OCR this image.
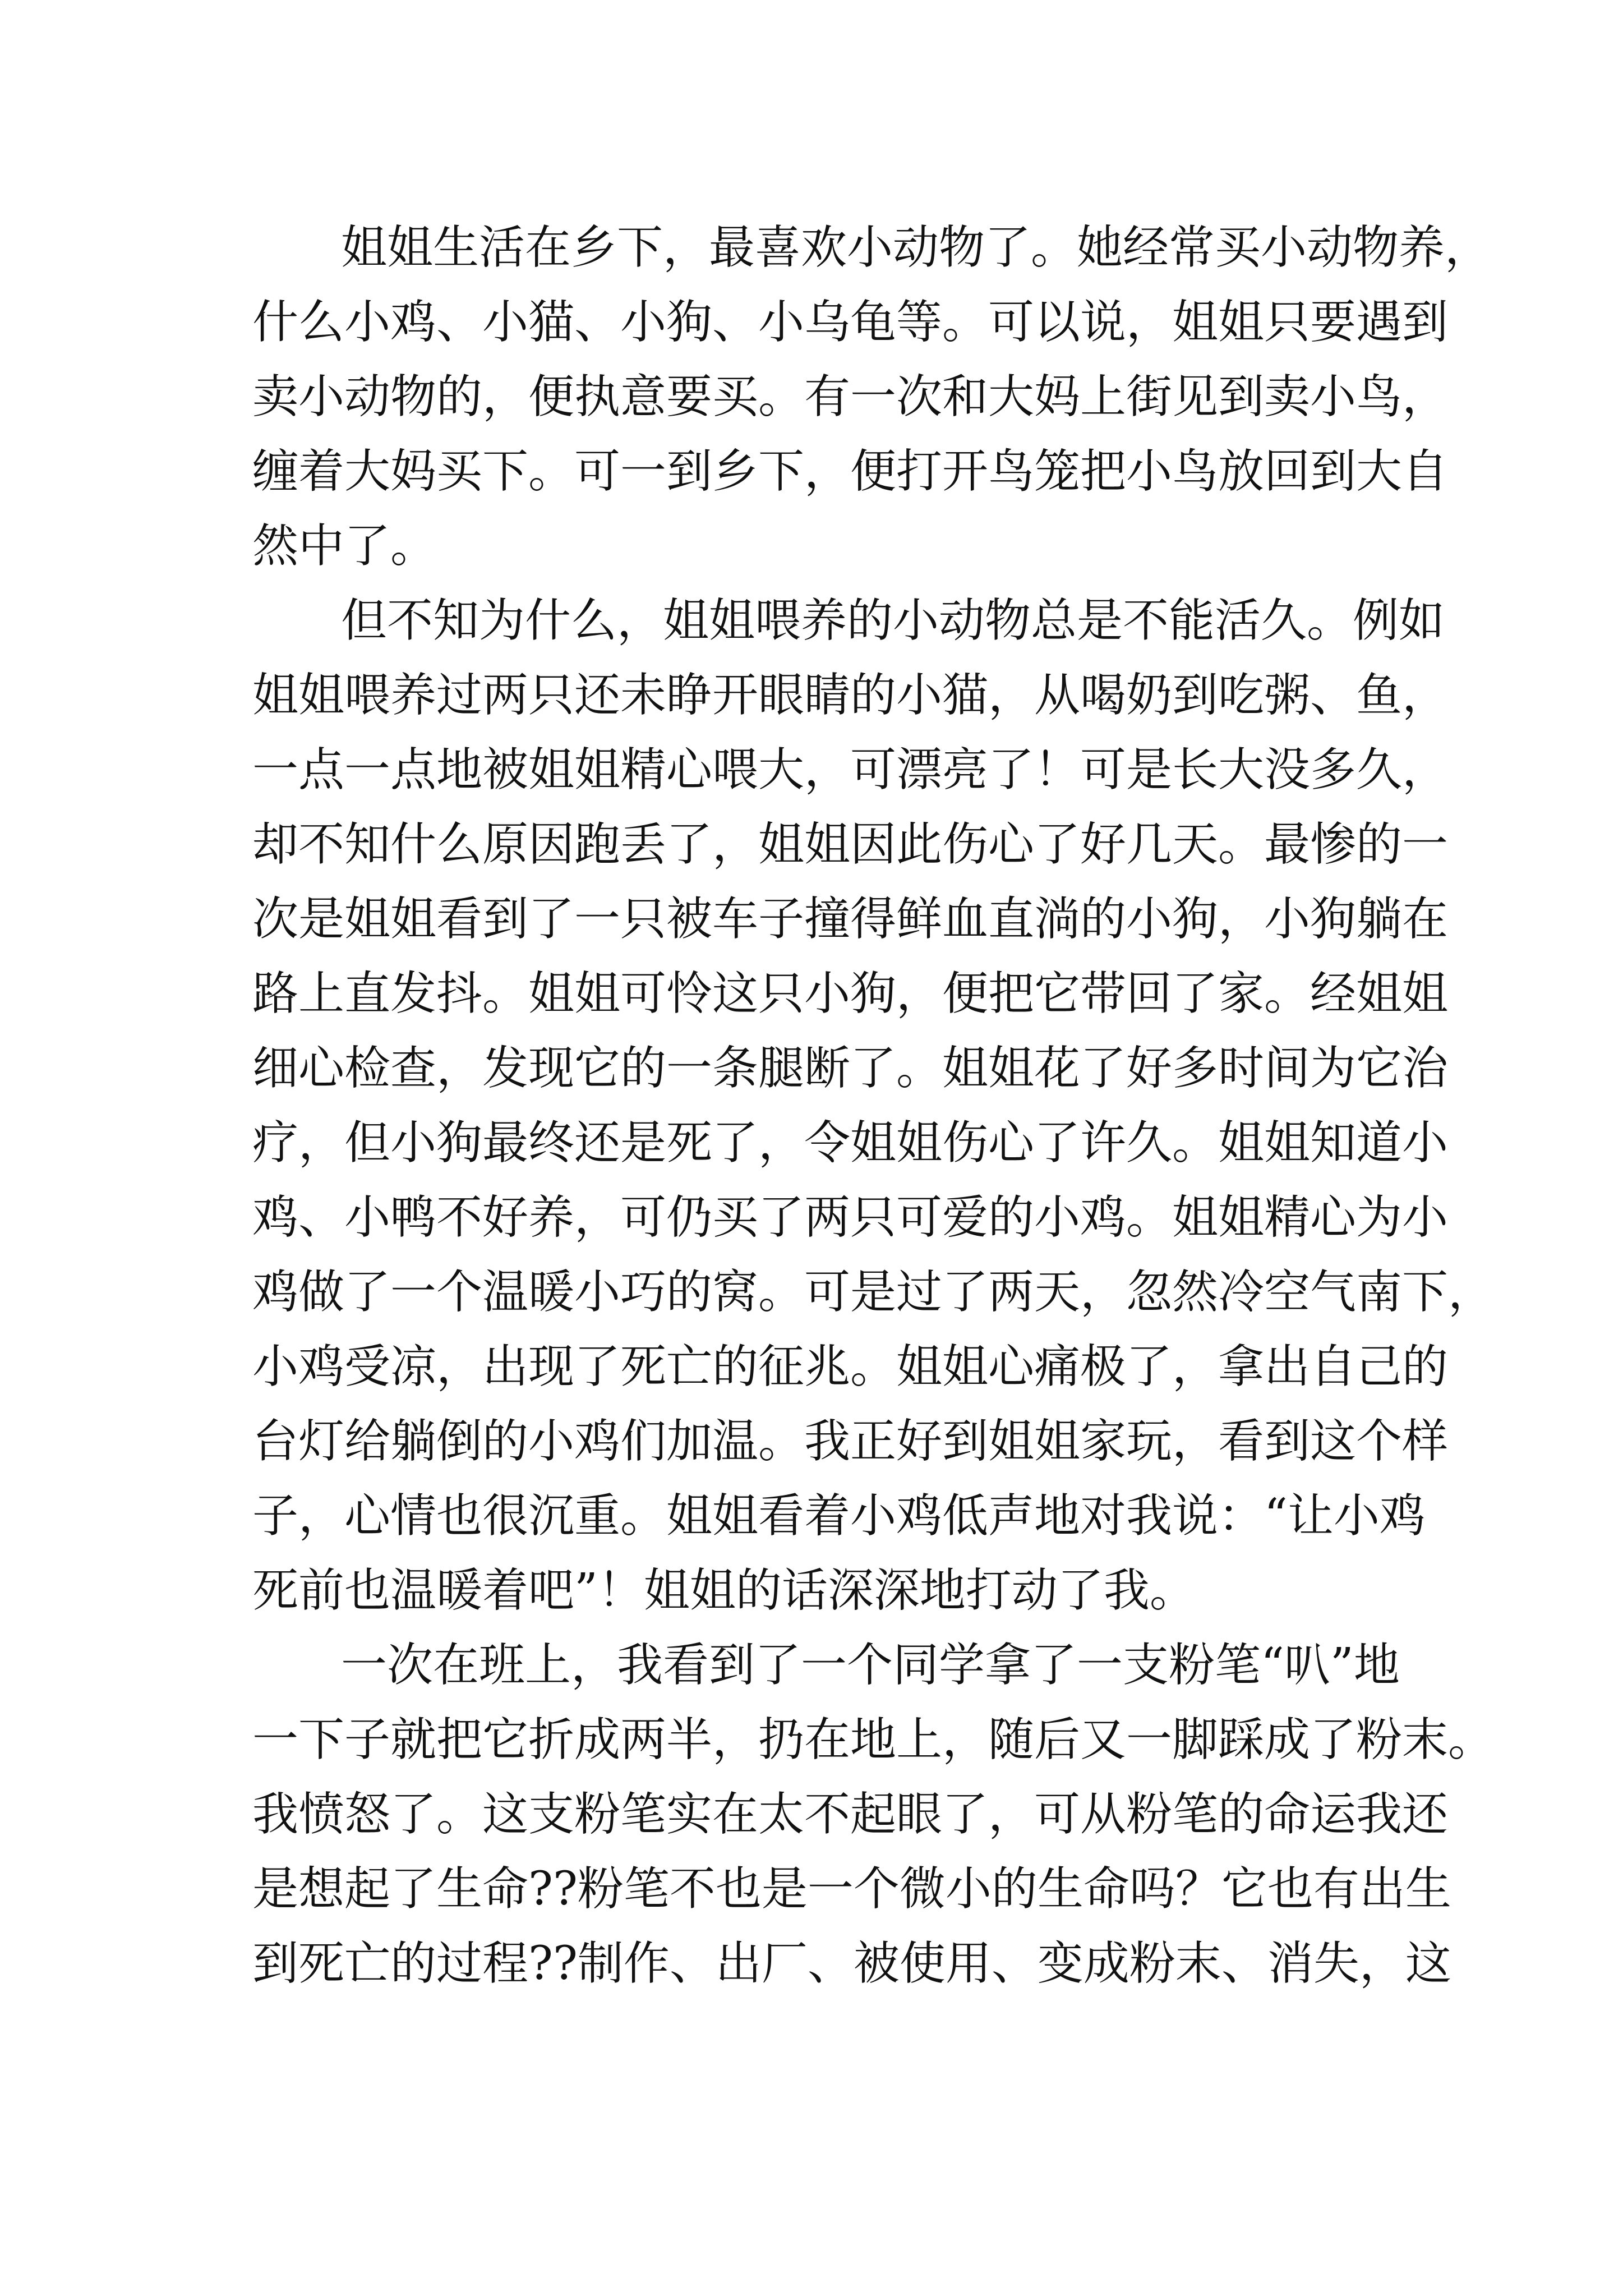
姐姐生活在乡下，最喜欢小动物了。她经常买小动物养，
什么小鸡、小猫、小狗、小乌龟等。可以说，姐姐只要遇到
卖小动物的，便执意要买。有一次和大妈上街见到卖小鸟，
缠着大妈买下。可一到乡下，便打开鸟笼把小鸟放回到大自
然中了。
但不知为什么，姐姐喂养的小动物总是不能活久。例如
姐姐喂养过两只还未睁开眼睛的小猫，从喝奶到吃粥、鱼，
一点一点地被姐姐精心喂大，可漂亮了！可是长大没多久，
却不知什么原因跑丢了，姐姐因此伤心了好几天。最惨的一
次是姐姐看到了一只被车子撞得鲜血直淌的小狗，小狗躺在
路上直发抖。姐姐可怜这只小狗，便把它带回了家。经姐姐
细心检查，发现它的一条腿断了。姐姐花了好多时间为它治
疗，但小狗最终还是死了，令姐姐伤心了许久。姐姐知道小
鸡、小鸭不好养，可仍买了两只可爱的小鸡。姐姐精心为小
鸡做了一个温暖小巧的窝。可是过了两天，忽然冷空气南下，
小鸡受凉，出现了死亡的征兆。姐姐心痛极了，拿出自己的
台灯给躺倒的小鸡们加温。我正好到姐姐家玩，看到这个样
子，心情也很沉重。姐姐看着小鸡低声地对我说：“让小鸡
死前也温暖着吧”！姐姐的话深深地打动了我。
一次在班上，我看到了一个同学拿了一支粉笔“叭”地
一下子就把它折成两半，扔在地上，随后又一脚踩成了粉末。
我愤怒了。这支粉笔实在太不起眼了，可从粉笔的命运我还
是想起了生命??粉笔不也是一个微小的生命吗？它也有出生
到死亡的过程??制作、出厂、被使用、变成粉末、消失，这
